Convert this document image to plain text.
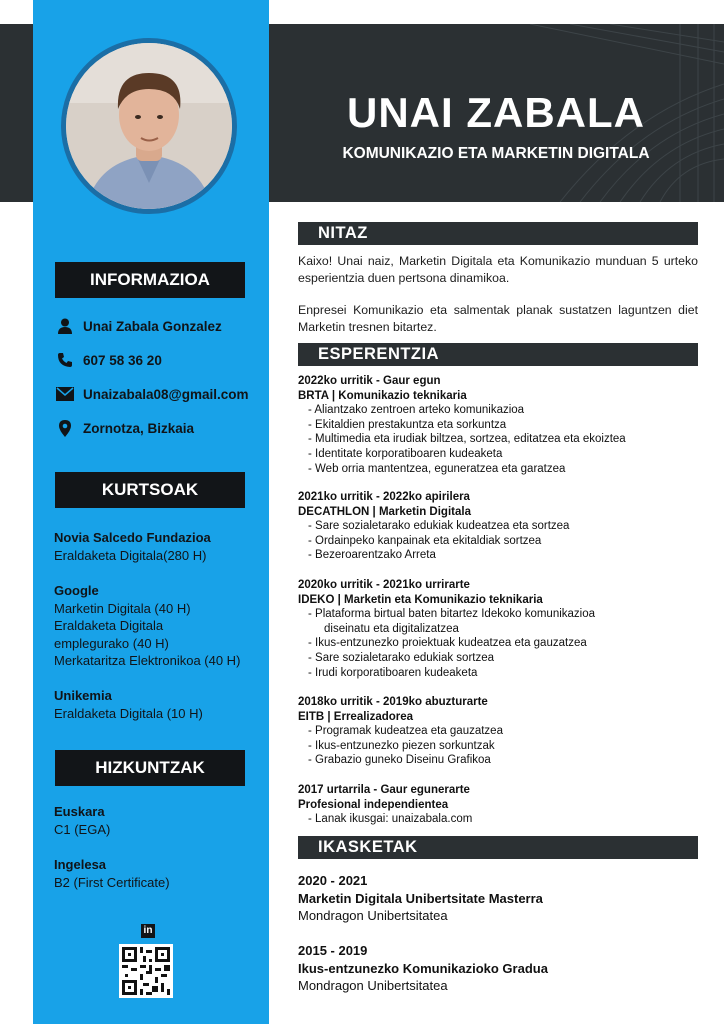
UNAI ZABALA
KOMUNIKAZIO ETA MARKETIN DIGITALA
INFORMAZIOA
Unai Zabala Gonzalez
607 58 36 20
Unaizabala08@gmail.com
Zornotza, Bizkaia
KURTSOAK
Novia Salcedo Fundazioa
Eraldaketa Digitala(280 H)
Google
Marketin Digitala (40 H)
Eraldaketa Digitala
emplegurako (40 H)
Merkataritza Elektronikoa (40 H)
Unikemia
Eraldaketa Digitala (10 H)
HIZKUNTZAK
Euskara
C1 (EGA)
Ingelesa
B2 (First Certificate)
in
NITAZ
Kaixo! Unai naiz, Marketin Digitala eta Komunikazio munduan 5 urteko esperientzia duen pertsona dinamikoa.
Enpresei Komunikazio eta salmentak planak sustatzen laguntzen diet Marketin tresnen bitartez.
ESPERENTZIA
2022ko urritik - Gaur egun
BRTA | Komunikazio teknikaria
- Aliantzako zentroen arteko komunikazioa
- Ekitaldien prestakuntza eta sorkuntza
- Multimedia eta irudiak biltzea, sortzea, editatzea eta ekoiztea
- Identitate korporatiboaren kudeaketa
- Web orria mantentzea, eguneratzea eta garatzea
2021ko urritik - 2022ko apirilera
DECATHLON | Marketin Digitala
- Sare sozialetarako edukiak kudeatzea eta sortzea
- Ordainpeko kanpainak eta ekitaldiak sortzea
- Bezeroarentzako Arreta
2020ko urritik - 2021ko urrirarte
IDEKO | Marketin eta Komunikazio teknikaria
- Plataforma birtual baten bitartez Idekoko komunikazioa
diseinatu eta digitalizatzea
- Ikus-entzunezko proiektuak kudeatzea eta gauzatzea
- Sare sozialetarako edukiak sortzea
- Irudi korporatiboaren kudeaketa
2018ko urritik - 2019ko abuzturarte
EITB | Errealizadorea
- Programak kudeatzea eta gauzatzea
- Ikus-entzunezko piezen sorkuntzak
- Grabazio guneko Diseinu Grafikoa
2017 urtarrila - Gaur egunerarte
Profesional independientea
- Lanak ikusgai: unaizabala.com
IKASKETAK
2020 - 2021
Marketin Digitala Unibertsitate Masterra
Mondragon Unibertsitatea
2015 - 2019
Ikus-entzunezko Komunikazioko Gradua
Mondragon Unibertsitatea
